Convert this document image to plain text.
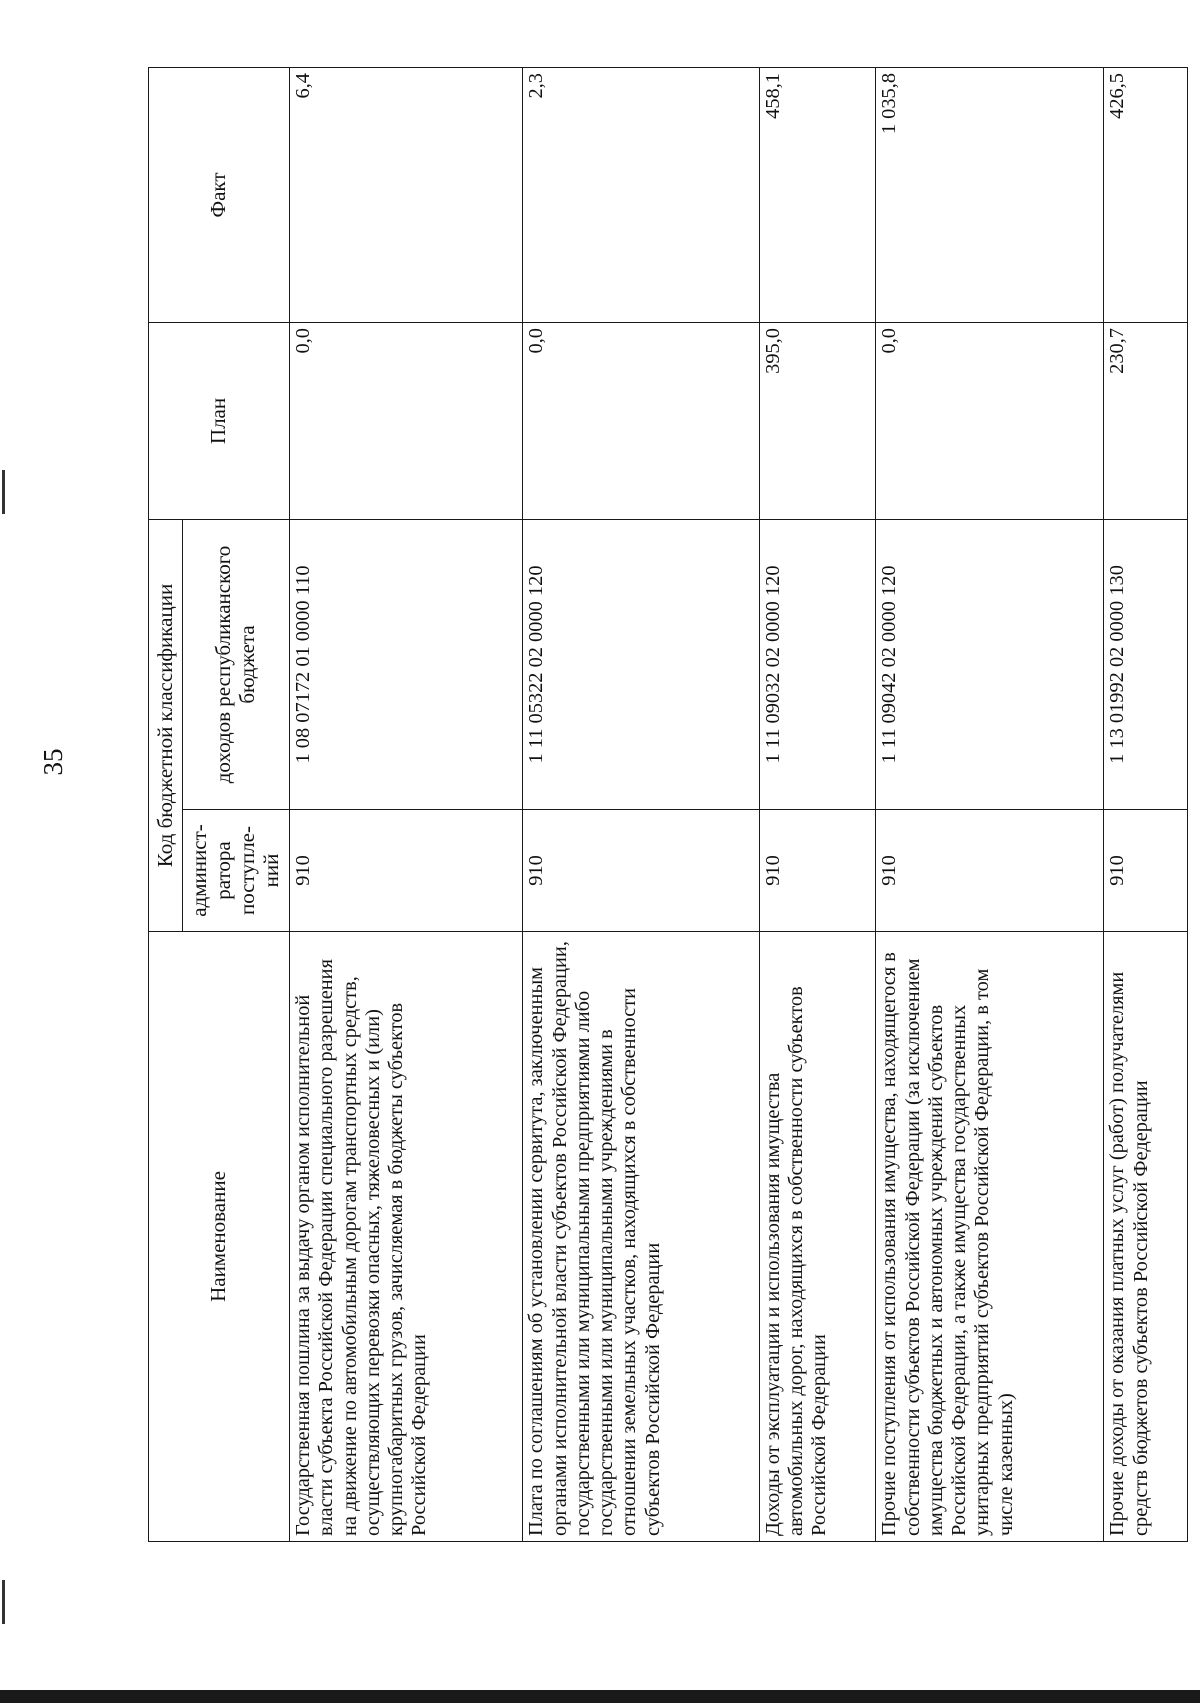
35
Наименование	Код бюджетной классификации		План	Факт
	админист-ратора поступле-ний	доходов республиканского бюджета		
Государственная пошлина за выдачу органом исполнительной власти субъекта Российской Федерации специального разрешения на движение по автомобильным дорогам транспортных средств, осуществляющих перевозки опасных, тяжеловесных и (или) крупногабаритных грузов, зачисляемая в бюджеты субъектов Российской Федерации	910	1 08 07172 01 0000 110	0,0	6,4
Плата по соглашениям об установлении сервитута, заключенным органами исполнительной власти субъектов Российской Федерации, государственными или муниципальными предприятиями либо государственными или муниципальными учреждениями в отношении земельных участков, находящихся в собственности субъектов Российской Федерации	910	1 11 05322 02 0000 120	0,0	2,3
Доходы от эксплуатации и использования имущества автомобильных дорог, находящихся в собственности субъектов Российской Федерации	910	1 11 09032 02 0000 120	395,0	458,1
Прочие поступления от использования имущества, находящегося в собственности субъектов Российской Федерации (за исключением имущества бюджетных и автономных учреждений субъектов Российской Федерации, а также имущества государственных унитарных предприятий субъектов Российской Федерации, в том числе казенных)	910	1 11 09042 02 0000 120	0,0	1 035,8
Прочие доходы от оказания платных услуг (работ) получателями средств бюджетов субъектов Российской Федерации	910	1 13 01992 02 0000 130	230,7	426,5
